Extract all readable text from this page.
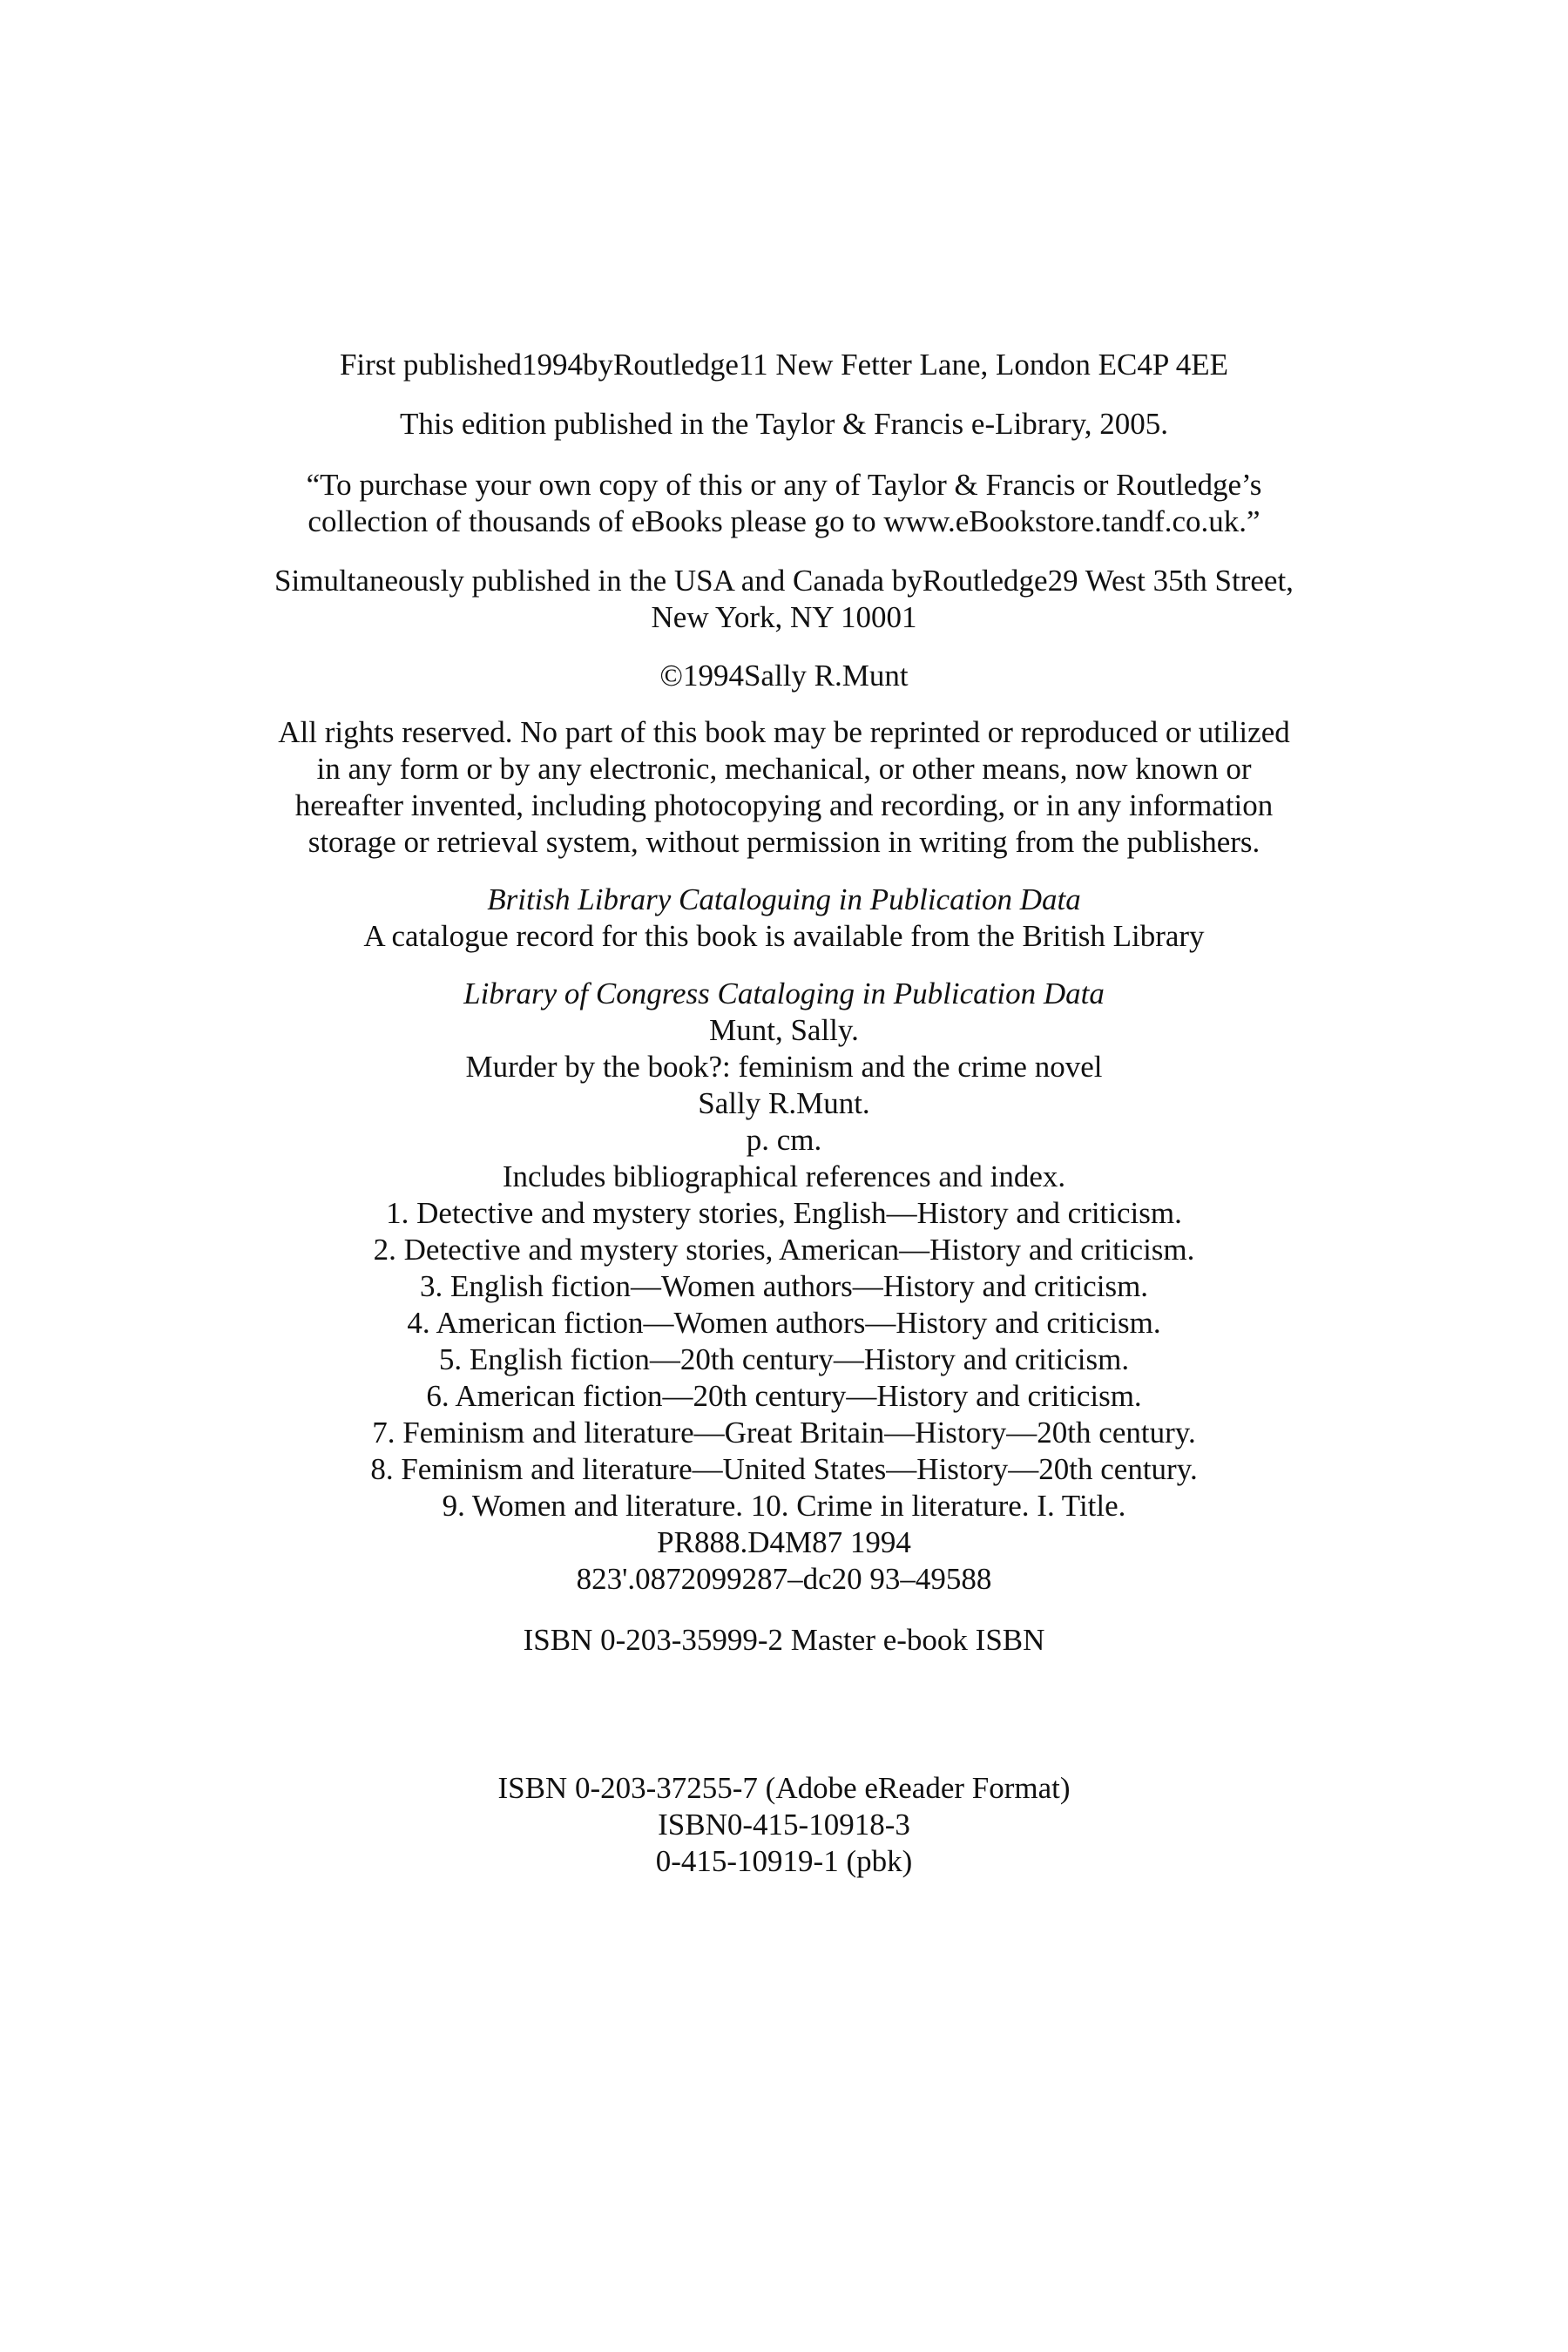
First published1994byRoutledge11 New Fetter Lane, London EC4P 4EE

This edition published in the Taylor & Francis e-Library, 2005.

“To purchase your own copy of this or any of Taylor & Francis or Routledge’s

collection of thousands of eBooks please go to www.eBookstore.tandf.co.uk.”

Simultaneously published in the USA and Canada byRoutledge29 West 35th Street,

New York, NY 10001

©1994Sally R.Munt

All rights reserved. No part of this book may be reprinted or reproduced or utilized

in any form or by any electronic, mechanical, or other means, now known or

hereafter invented, including photocopying and recording, or in any information

storage or retrieval system, without permission in writing from the publishers.

British Library Cataloguing in Publication Data

A catalogue record for this book is available from the British Library

Library of Congress Cataloging in Publication Data

Munt, Sally.

Murder by the book?: feminism and the crime novel

Sally R.Munt.

p. cm.

Includes bibliographical references and index.

1. Detective and mystery stories, English—History and criticism.

2. Detective and mystery stories, American—History and criticism.

3. English fiction—Women authors—History and criticism.

4. American fiction—Women authors—History and criticism.

5. English fiction—20th century—History and criticism.

6. American fiction—20th century—History and criticism.

7. Feminism and literature—Great Britain—History—20th century.

8. Feminism and literature—United States—History—20th century.

9. Women and literature. 10. Crime in literature. I. Title.

PR888.D4M87 1994

823'.0872099287–dc20 93–49588

ISBN 0-203-35999-2 Master e-book ISBN

ISBN 0-203-37255-7 (Adobe eReader Format)

ISBN0-415-10918-3

0-415-10919-1 (pbk)
